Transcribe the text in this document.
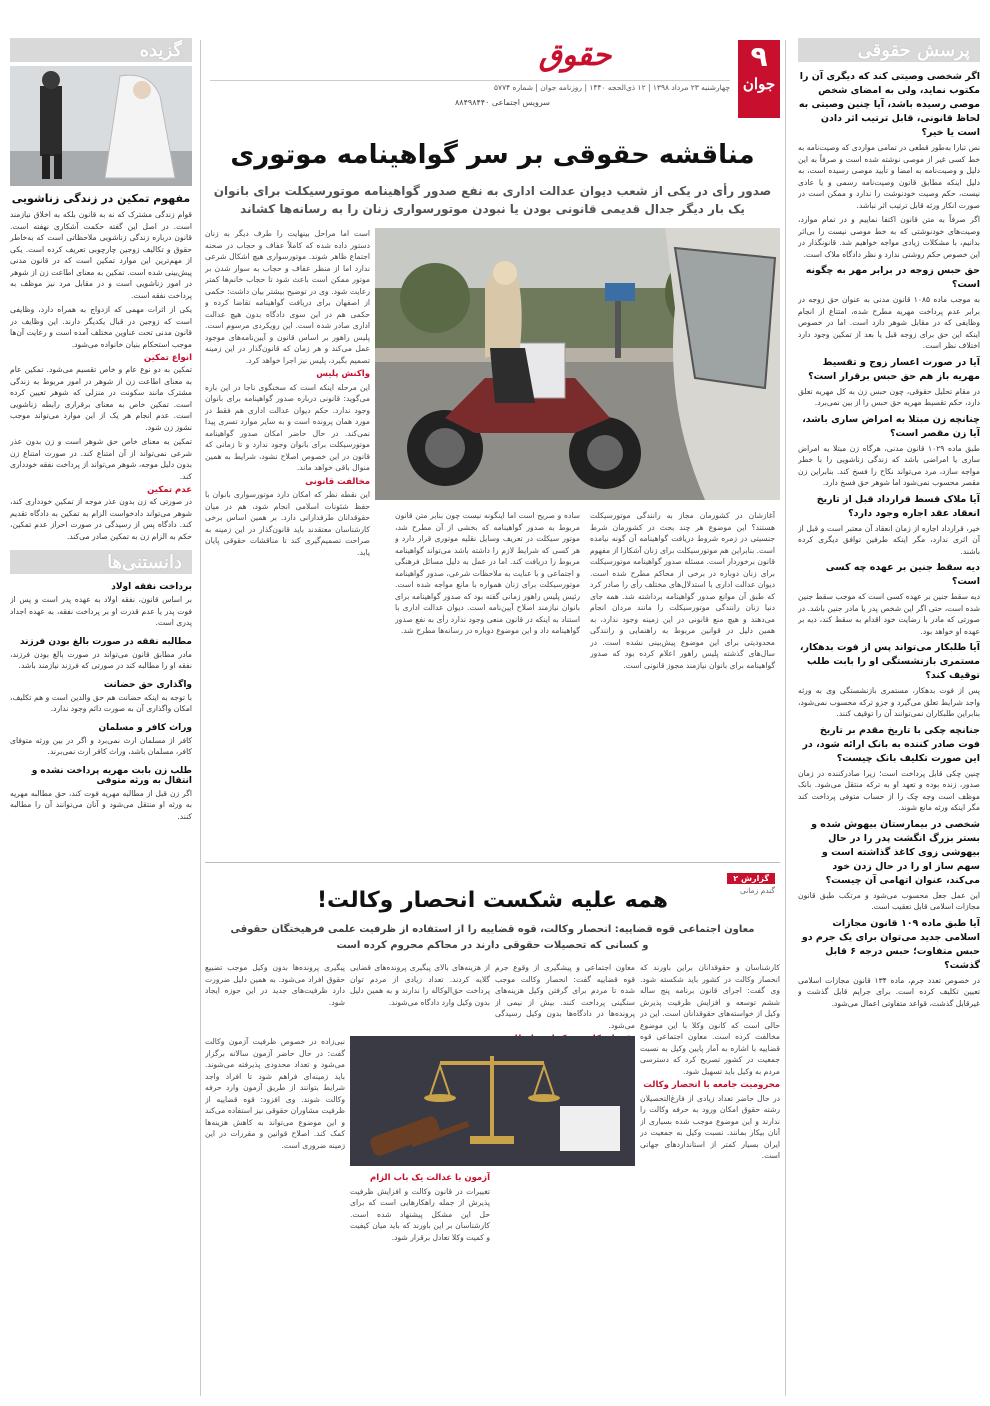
۹
جوان
حقوق
چهارشنبه ۲۳ مرداد ۱۳۹۸ | ۱۲ ذی‌الحجه ۱۴۴۰ | روزنامه جوان | شماره ۵۷۷۴
سرویس اجتماعی ۸۸۴۹۸۴۴۰
مناقشه حقوقی بر سر گواهینامه موتوری
صدور رأی در یکی از شعب دیوان عدالت اداری به نفع صدور گواهینامه موتورسیکلت برای بانوان
یک بار دیگر جدال قدیمی قانونی بودن یا نبودن موتورسواری زنان را به رسانه‌ها کشاند
آغازشان در کشورمان مجاز به رانندگی موتورسیکلت هستند؟ این موضوع هر چند بحث در کشورمان شرط جنسیتی در زمره شروط دریافت گواهینامه آن گونه نیامده است. بنابراین هم موتورسیکلت برای زنان آشکارا از مفهوم قانون برخوردار است. مسئله صدور گواهینامه موتورسیکلت برای زنان دوباره در برخی از محاکم مطرح شده است. دیوان عدالت اداری با استدلال‌های مختلف رأی را صادر کرد که طبق آن موانع صدور گواهینامه برداشته شد. همه جای دنیا زنان رانندگی موتورسیکلت را مانند مردان انجام می‌دهند و هیچ منع قانونی در این زمینه وجود ندارد، به همین دلیل در قوانین مربوط به راهنمایی و رانندگی محدودیتی برای این موضوع پیش‌بینی نشده است. در سال‌های گذشته پلیس راهور اعلام کرده بود که صدور گواهینامه برای بانوان نیازمند مجوز قانونی است.
ساده و صریح است اما اینگونه نیست چون بنابر متن قانون مربوط به صدور گواهینامه که بخشی از آن مطرح شد، موتور سیکلت در تعریف وسایل نقلیه موتوری قرار دارد و هر کسی که شرایط لازم را داشته باشد می‌تواند گواهینامه مربوط را دریافت کند. اما در عمل به دلیل مسائل فرهنگی و اجتماعی و با عنایت به ملاحظات شرعی، صدور گواهینامه موتورسیکلت برای زنان همواره با مانع مواجه شده است. رئیس پلیس راهور زمانی گفته بود که صدور گواهینامه برای بانوان نیازمند اصلاح آیین‌نامه است. دیوان عدالت اداری با استناد به اینکه در قانون منعی وجود ندارد رأی به نفع صدور گواهینامه داد و این موضوع دوباره در رسانه‌ها مطرح شد.
است اما مراحل بینهایت را طرف دیگر به زنان دستور داده شده که کاملاً عفاف و حجاب در صحنه اجتماع ظاهر شوند. موتورسواری هیچ اشکال شرعی ندارد اما از منظر عفاف و حجاب به سوار شدن بر موتور ممکن است باعث شود تا حجاب خانم‌ها کمتر رعایت شود. وی در توضیح بیشتر بیان داشت: حکمی از اصفهان برای دریافت گواهینامه تقاضا کرده و حکمی هم در این سوی دادگاه بدون هیچ عدالت اداری صادر شده است. این رویکردی مرسوم است. پلیس راهور بر اساس قانون و آیین‌نامه‌های موجود عمل می‌کند و هر زمان که قانون‌گذار در این زمینه تصمیم بگیرد، پلیس نیز اجرا خواهد کرد.
واکنش پلیس
این مرحله اینکه است که سخنگوی ناجا در این باره می‌گوید: قانونی درباره صدور گواهینامه برای بانوان وجود ندارد. حکم دیوان عدالت اداری هم فقط در مورد همان پرونده است و به سایر موارد تسری پیدا نمی‌کند. در حال حاضر امکان صدور گواهینامه موتورسیکلت برای بانوان وجود ندارد و تا زمانی که قانون در این خصوص اصلاح نشود، شرایط به همین منوال باقی خواهد ماند.
مخالفت قانونی
این نقطه نظر که امکان دارد موتورسواری بانوان با حفظ شئونات اسلامی انجام شود، هم در میان حقوقدانان طرفدارانی دارد. بر همین اساس برخی کارشناسان معتقدند باید قانون‌گذار در این زمینه به صراحت تصمیم‌گیری کند تا مناقشات حقوقی پایان یابد.
گزارش ۲
گندم زمانی
همه علیه شکست انحصار وکالت!
معاون اجتماعی قوه قضاییه: انحصار وکالت، قوه قضاییه را از استفاده از ظرفیت علمی فرهیختگان حقوقی
و کسانی که تحصیلات حقوقی دارند در محاکم محروم کرده است
کارشناسان و حقوقدانان براین باورند که انحصار وکالت در کشور باید شکسته شود. وی گفت: اجرای قانون برنامه پنج ساله ششم توسعه و افزایش ظرفیت پذیرش وکیل از خواسته‌های حقوقدانان است. این در حالی است که کانون وکلا با این موضوع مخالفت کرده است. معاون اجتماعی قوه قضاییه با اشاره به آمار پایین وکیل به نسبت جمعیت در کشور تصریح کرد که دسترسی مردم به وکیل باید تسهیل شود.
محرومیت جامعه با انحصار وکالت
در حال حاضر تعداد زیادی از فارغ‌التحصیلان رشته حقوق امکان ورود به حرفه وکالت را ندارند و این موضوع موجب شده بسیاری از آنان بیکار بمانند. نسبت وکیل به جمعیت در ایران بسیار کمتر از استانداردهای جهانی است.
معاون اجتماعی و پیشگیری از وقوع جرم قوه قضاییه گفت: انحصار وکالت موجب شده تا مردم برای گرفتن وکیل هزینه‌های سنگینی پرداخت کنند. بیش از نیمی از پرونده‌ها در دادگاه‌ها بدون وکیل رسیدگی می‌شود.
از هزینه‌های بالای پیگیری پرونده‌های قضایی گلایه کردند. تعداد زیادی از مردم توان پرداخت حق‌الوکاله را ندارند و به همین دلیل بدون وکیل وارد دادگاه می‌شوند.
پیگیری پرونده‌ها بدون وکیل موجب تضییع حقوق افراد می‌شود. به همین دلیل ضرورت دارد ظرفیت‌های جدید در این حوزه ایجاد شود.
آزمون با عدالت یک باب الزام
تغییرات در قانون وکالت و افزایش ظرفیت پذیرش از جمله راهکارهایی است که برای حل این مشکل پیشنهاد شده است. کارشناسان بر این باورند که باید میان کیفیت و کمیت وکلا تعادل برقرار شود.
نبی‌زاده در خصوص ظرفیت آزمون وکالت گفت: در حال حاضر آزمون سالانه برگزار می‌شود و تعداد محدودی پذیرفته می‌شوند. باید زمینه‌ای فراهم شود تا افراد واجد شرایط بتوانند از طریق آزمون وارد حرفه وکالت شوند. وی افزود: قوه قضاییه از ظرفیت مشاوران حقوقی نیز استفاده می‌کند و این موضوع می‌تواند به کاهش هزینه‌ها کمک کند. اصلاح قوانین و مقررات در این زمینه ضروری است.
پرسش حقوقی
اگر شخصی وصیتی کند که دیگری آن را مکتوب نماید، ولی به امضای شخص موصی رسیده باشد، آیا چنین وصیتی به لحاظ قانونی، قابل ترتیب اثر دادن است یا خیر؟
نص تبارا به‌طور قطعی در تمامی مواردی که وصیت‌نامه به خط کسی غیر از موصی نوشته شده است و صرفاً به این دلیل و وصیت‌نامه به امضا و تأیید موصی رسیده است، به دلیل اینکه مطابق قانون وصیت‌نامه رسمی و یا عادی نیست، حکم وصیت خودنوشت را ندارد و ممکن است در صورت انکار ورثه قابل ترتیب اثر نباشد.
اگر صرفاً به متن قانون اکتفا نماییم و در تمام موارد، وصیت‌های خودنوشتی که به خط موصی نیست را بی‌اثر بدانیم، با مشکلات زیادی مواجه خواهیم شد. قانونگذار در این خصوص حکم روشنی ندارد و نظر دادگاه ملاک است.
حق حبس زوجه در برابر مهر به چگونه است؟
به موجب ماده ۱۰۸۵ قانون مدنی به عنوان حق زوجه در برابر عدم پرداخت مهریه مطرح شده، امتناع از انجام وظایفی که در مقابل شوهر دارد است. اما در خصوص اینکه این حق برای زوجه قبل یا بعد از تمکین وجود دارد اختلاف نظر است.
آیا در صورت اعسار زوج و تقسیط مهریه باز هم حق حبس برقرار است؟
در مقام تحلیل حقوقی، چون حبس زن به کل مهریه تعلق دارد، حکم تقسیط مهریه حق حبس را از بین نمی‌برد.
چنانچه زن مبتلا به امراض ساری باشد، آیا زن مقصر است؟
طبق ماده ۱۰۲۹ قانون مدنی، هرگاه زن مبتلا به امراض ساری یا امراضی باشد که زندگی زناشویی را با خطر مواجه سازد، مرد می‌تواند نکاح را فسخ کند. بنابراین زن مقصر محسوب نمی‌شود اما شوهر حق فسخ دارد.
آیا ملاک قسط قرارداد قبل از تاریخ انعقاد عقد اجاره وجود دارد؟
خیر، قرارداد اجاره از زمان انعقاد آن معتبر است و قبل از آن اثری ندارد، مگر اینکه طرفین توافق دیگری کرده باشند.
دیه سقط جنین بر عهده چه کسی است؟
دیه سقط جنین بر عهده کسی است که موجب سقط جنین شده است، حتی اگر این شخص پدر یا مادر جنین باشد. در صورتی که مادر با رضایت خود اقدام به سقط کند، دیه بر عهده او خواهد بود.
آیا طلبکار می‌تواند پس از فوت بدهکار، مستمری بازنشستگی او را بابت طلب توقیف کند؟
پس از فوت بدهکار، مستمری بازنشستگی وی به ورثه واجد شرایط تعلق می‌گیرد و جزو ترکه محسوب نمی‌شود، بنابراین طلبکاران نمی‌توانند آن را توقیف کنند.
جنانچه چکی با تاریخ مقدم بر تاریخ فوت صادر کننده به بانک ارائه شود، در این صورت تکلیف بانک چیست؟
چنین چکی قابل پرداخت است؛ زیرا صادرکننده در زمان صدور، زنده بوده و تعهد او به ترکه منتقل می‌شود. بانک موظف است وجه چک را از حساب متوفی پرداخت کند مگر اینکه ورثه مانع شوند.
شخصی در بیمارستان بیهوش شده و بستر بزرگ انگشت پدر را در حال بیهوشی زوی کاغذ گذاشته است و سهم ساز او را در حال زدن خود می‌کند، عنوان اتهامی آن چیست؟
این عمل جعل محسوب می‌شود و مرتکب طبق قانون مجازات اسلامی قابل تعقیب است.
آیا طبق ماده ۱۰۹ قانون مجازات اسلامی جدید می‌توان برای یک جرم دو حبس متفاوت؛ حبس درجه ۶ قابل گذشت؟
در خصوص تعدد جرم، ماده ۱۳۴ قانون مجازات اسلامی تعیین تکلیف کرده است. برای جرایم قابل گذشت و غیرقابل گذشت، قواعد متفاوتی اعمال می‌شود.
گزیده
مفهوم تمکین در زندگی زناشویی
قوام زندگی مشترک که نه به قانون بلکه به اخلاق نیازمند است. در اصل این گفته حکمت آشکاری نهفته است. قانون درباره زندگی زناشویی ملاحظاتی است که به‌خاطر حقوق و تکالیف زوجین چارچوبی تعریف کرده است. یکی از مهم‌ترین این موارد تمکین است که در قانون مدنی پیش‌بینی شده است. تمکین به معنای اطاعت زن از شوهر در امور زناشویی است و در مقابل مرد نیز موظف به پرداخت نفقه است.
یکی از اثرات مهمی که ازدواج به همراه دارد، وظایفی است که زوجین در قبال یکدیگر دارند. این وظایف در قانون مدنی تحت عناوین مختلف آمده است و رعایت آن‌ها موجب استحکام بنیان خانواده می‌شود.
انواع تمکین
تمکین به دو نوع عام و خاص تقسیم می‌شود. تمکین عام به معنای اطاعت زن از شوهر در امور مربوط به زندگی مشترک مانند سکونت در منزلی که شوهر تعیین کرده است. تمکین خاص به معنای برقراری رابطه زناشویی است. عدم انجام هر یک از این موارد می‌تواند موجب نشوز زن شود.
تمکین به معنای خاص حق شوهر است و زن بدون عذر شرعی نمی‌تواند از آن امتناع کند. در صورت امتناع زن بدون دلیل موجه، شوهر می‌تواند از پرداخت نفقه خودداری کند.
عدم تمکین
در صورتی که زن بدون عذر موجه از تمکین خودداری کند، شوهر می‌تواند دادخواست الزام به تمکین به دادگاه تقدیم کند. دادگاه پس از رسیدگی در صورت احراز عدم تمکین، حکم به الزام زن به تمکین صادر می‌کند.
دانستنی‌ها
برداخت نفقه اولاد
بر اساس قانون، نفقه اولاد به عهده پدر است و پس از فوت پدر یا عدم قدرت او بر پرداخت نفقه، به عهده اجداد پدری است.
مطالبه نفقه در صورت بالغ بودن فرزند
مادر مطابق قانون می‌تواند در صورت بالغ بودن فرزند، نفقه او را مطالبه کند در صورتی که فرزند نیازمند باشد.
واگذاری حق حضانت
با توجه به اینکه حضانت هم حق والدین است و هم تکلیف، امکان واگذاری آن به صورت دائم وجود ندارد.
وراث کافر و مسلمان
کافر از مسلمان ارث نمی‌برد و اگر در بین ورثه متوفای کافر، مسلمان باشد، وراث کافر ارث نمی‌برند.
طلب زن بابت مهریه پرداخت نشده و انتقال به ورثه متوفی
اگر زن قبل از مطالبه مهریه فوت کند، حق مطالبه مهریه به ورثه او منتقل می‌شود و آنان می‌توانند آن را مطالبه کنند.
